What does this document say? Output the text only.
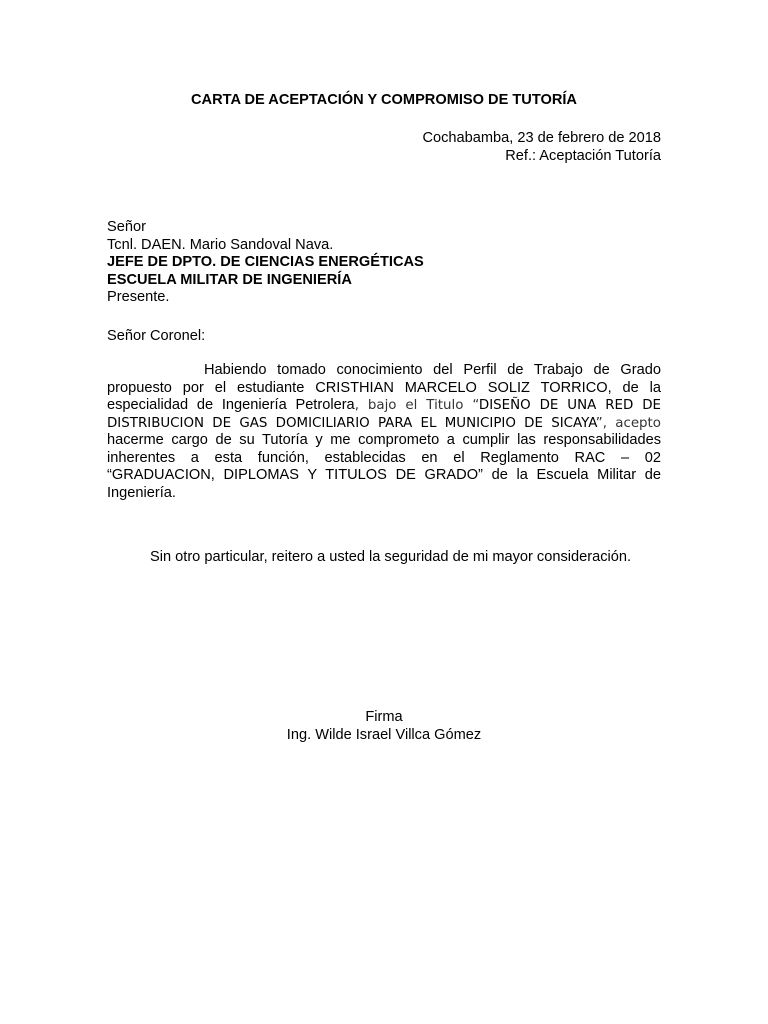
CARTA DE ACEPTACIÓN Y COMPROMISO DE TUTORÍA
Cochabamba, 23 de febrero de 2018
Ref.: Aceptación Tutoría
Señor
Tcnl. DAEN. Mario Sandoval Nava.
JEFE DE DPTO. DE CIENCIAS ENERGÉTICAS
ESCUELA MILITAR DE INGENIERÍA
Presente.
Señor Coronel:
Habiendo tomado conocimiento del Perfil de Trabajo de Grado
propuesto por el estudiante CRISTHIAN MARCELO SOLIZ TORRICO, de la
especialidad de Ingeniería Petrolera, bajo el Titulo “DISEÑO DE UNA RED DE
DISTRIBUCION DE GAS DOMICILIARIO PARA EL MUNICIPIO DE SICAYA”, acepto
hacerme cargo de su Tutoría y me comprometo a cumplir las responsabilidades
inherentes a esta función, establecidas en el Reglamento RAC – 02
“GRADUACION, DIPLOMAS Y TITULOS DE GRADO” de la Escuela Militar de
Ingeniería.
Sin otro particular, reitero a usted la seguridad de mi mayor consideración.
Firma
Ing. Wilde Israel Villca Gómez
